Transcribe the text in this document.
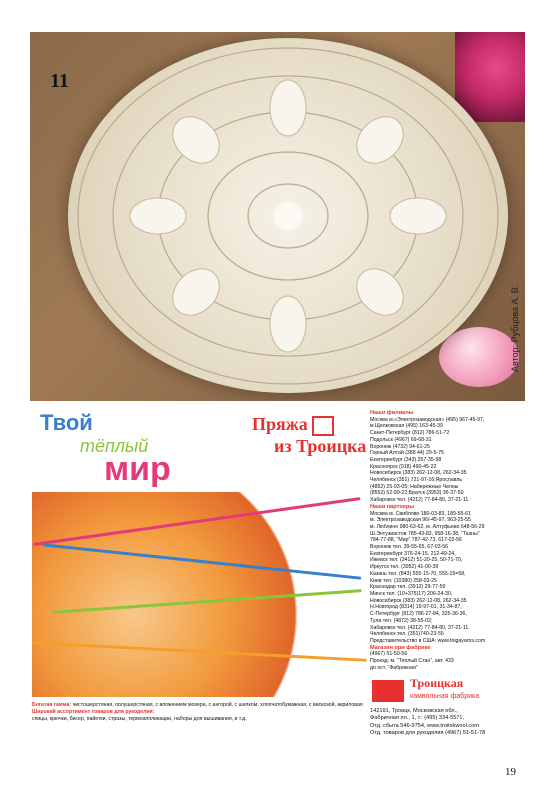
11
Автор: Рубцова А. В.
Твой
тёплый
мир
Пряжа
из Троицка
Наши филиалы
Москва м.«Электрозаводская» (495) 967-45-97,
м.Щелковская (495) 163-45-39
Санкт-Петербург (812) 786-51-72
Подольск (4967) 69-68-31
Воронеж (4732) 94-61-25
Горный Алтай (388 44) 29-5-75
Екатеринбург (343) 257-35-98
Красноярск (918) 490-45-22
Новосибирск (383) 262-12-08, 262-34-35
Челябинск (351) 721-97-16;Ярославль
(4852) 25-93-05; Набережные Челны
(8552) 52-99-22;Братск (3953) 36-37-50
Хабаровск тел. (4212) 77-84-80, 37-21-11
Наши партнеры
Москва м. Свиблово 180-03-83, 189-55-61
м. Электрозаводская 96/-45-97, 963-25-55
м. Люблино 980-63-62, м. Алтуфьево 648-56-29
Ш.Энтузиастов 785-43-82, 958-16-38, "Тканы"
784-77-88, "Мир" 787-42-73, 617-03-56
Воронеж тел. 39-55-65, 67-03-56
Екатеринбург 376-24-15, 212-49-24,
Ижевск тел. (3412) 51-20-25, 50-71-70,
Иркутск тел. (3952) 41-00-39
Казань тел. (843) 555-15-70, 555-15=58,
Киев тел. (10380) 258-03-25
Краснодар тел. (3912) 29-77-59
Минск тел. (10+375)17) 206-24-30,
Новосибирск (383) 262-12-08, 262-34-35
Н.Новгород (8314) 19-97-01, 31-34-87,
С-Петербург (812) 786-27-84, 325-36-36,
Тула тел. (4872) 38-55-02;
Хабаровск тел. (4212) 77-84-80, 37-21-11,
Челябинск тел. (351)740-23-55
Представительство в США: www.toigayarns.com
Магазин при фабрике
(4967) 51-50-56
Проезд: м. "Теплый Стан", авт. 433
до ост. "Фабрикная"
Троицкая
камвольная фабрика
142191, Троицк, Московская обл.,
Фабричная пл., 1, т.: (495) 334-5571,
Отд. сбыта 546-9754, www.troitskwool.com
Отд. товаров для рукоделия (4967) 51-51-78
Богатая гамма: чистошерстяная, полушерстяная, с вложением мохера, с ангорой, с шелком, хлопчатобумажная, с вискозой, акриловая
Широкий ассортимент товаров для рукоделия:
спицы, крючки, бисер, пайетки, стразы, термоаппликации, наборы для вышивания, и т.д.
19
